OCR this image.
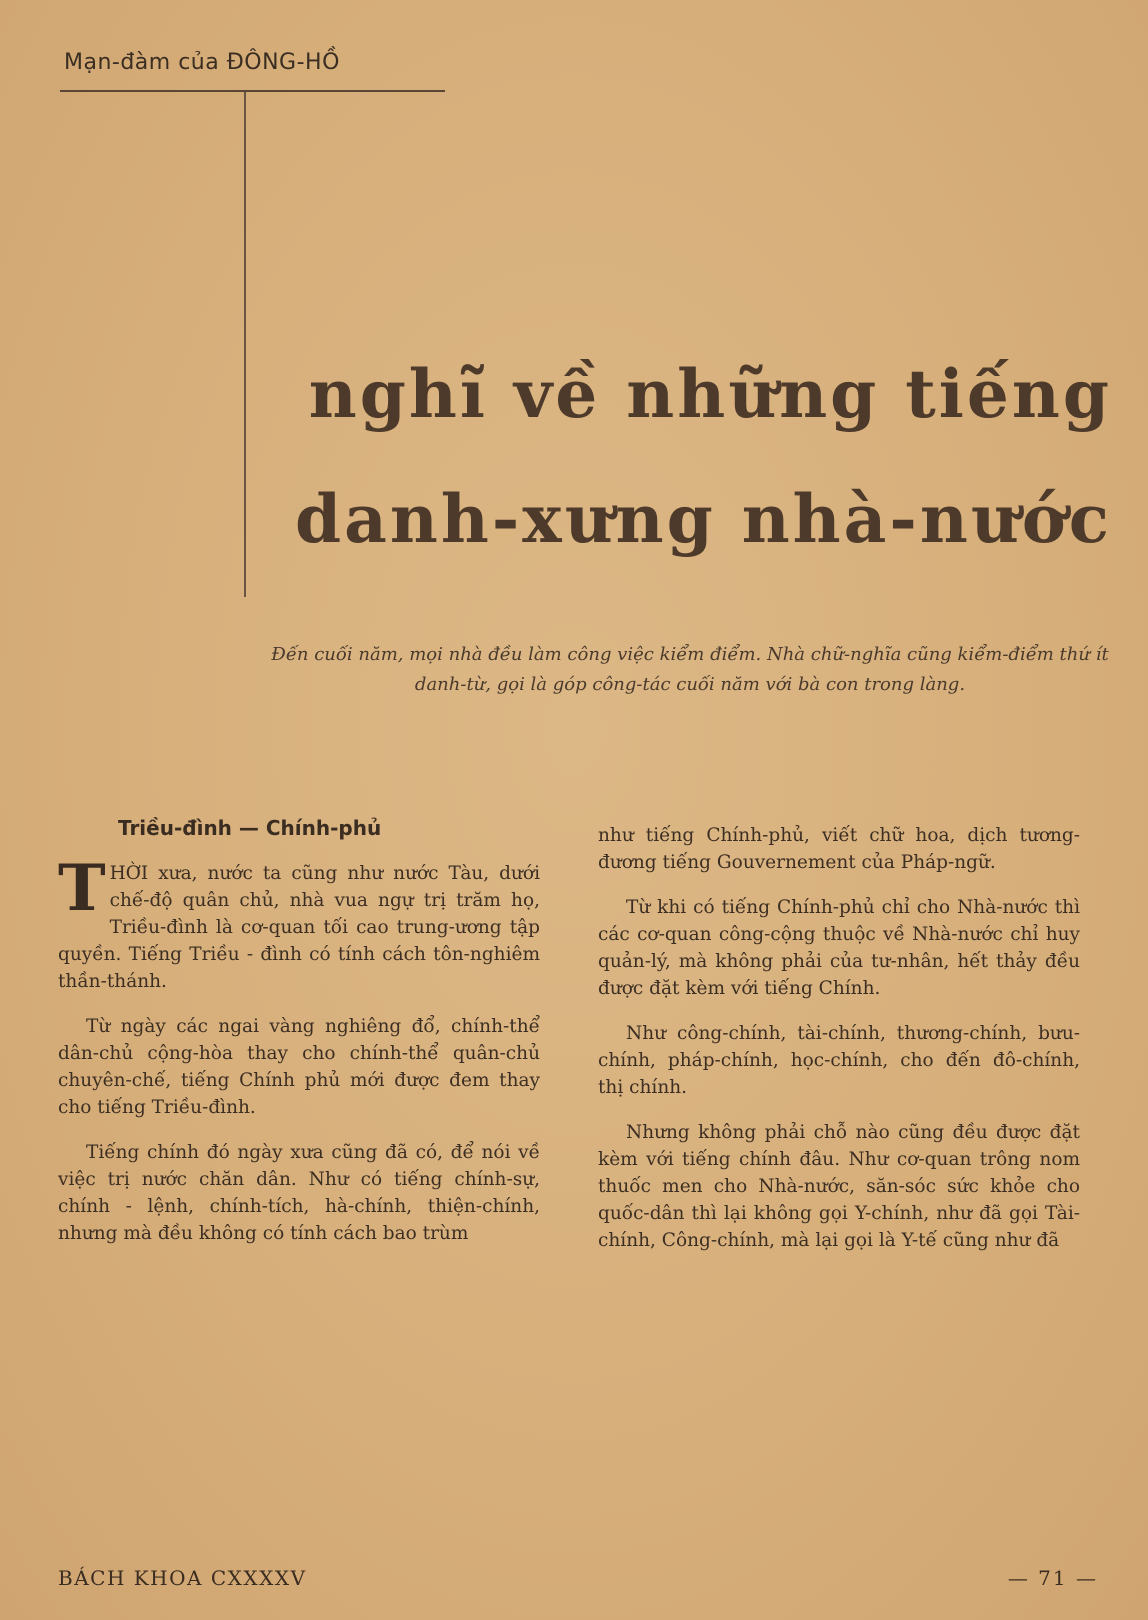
Mạn-đàm của ĐÔNG-HỒ
nghĩ về những tiếng
danh-xưng nhà-nước
Đến cuối năm, mọi nhà đều làm công việc kiểm điểm. Nhà chữ-nghĩa cũng kiểm-điểm thứ ít danh-từ, gọi là góp công-tác cuối năm với bà con trong làng.
Triều-đình — Chính-phủ

THỜI xưa, nước ta cũng như nước Tàu, dưới chế-độ quân chủ, nhà vua ngự trị trăm họ, Triều-đình là cơ-quan tối cao trung-ương tập quyền. Tiếng Triều - đình có tính cách tôn-nghiêm thần-thánh.

Từ ngày các ngai vàng nghiêng đổ, chính-thể dân-chủ cộng-hòa thay cho chính-thể quân-chủ chuyên-chế, tiếng Chính phủ mới được đem thay cho tiếng Triều-đình.

Tiếng chính đó ngày xưa cũng đã có, để nói về việc trị nước chăn dân. Như có tiếng chính-sự, chính - lệnh, chính-tích, hà-chính, thiện-chính, nhưng mà đều không có tính cách bao trùm

như tiếng Chính-phủ, viết chữ hoa, dịch tương-đương tiếng Gouvernement của Pháp-ngữ.

Từ khi có tiếng Chính-phủ chỉ cho Nhà-nước thì các cơ-quan công-cộng thuộc về Nhà-nước chỉ huy quản-lý, mà không phải của tư-nhân, hết thảy đều được đặt kèm với tiếng Chính.

Như công-chính, tài-chính, thương-chính, bưu-chính, pháp-chính, học-chính, cho đến đô-chính, thị chính.

Nhưng không phải chỗ nào cũng đều được đặt kèm với tiếng chính đâu. Như cơ-quan trông nom thuốc men cho Nhà-nước, săn-sóc sức khỏe cho quốc-dân thì lại không gọi Y-chính, như đã gọi Tài-chính, Công-chính, mà lại gọi là Y-tế cũng như đã

BÁCH KHOA CXXXXV	— 71 —
